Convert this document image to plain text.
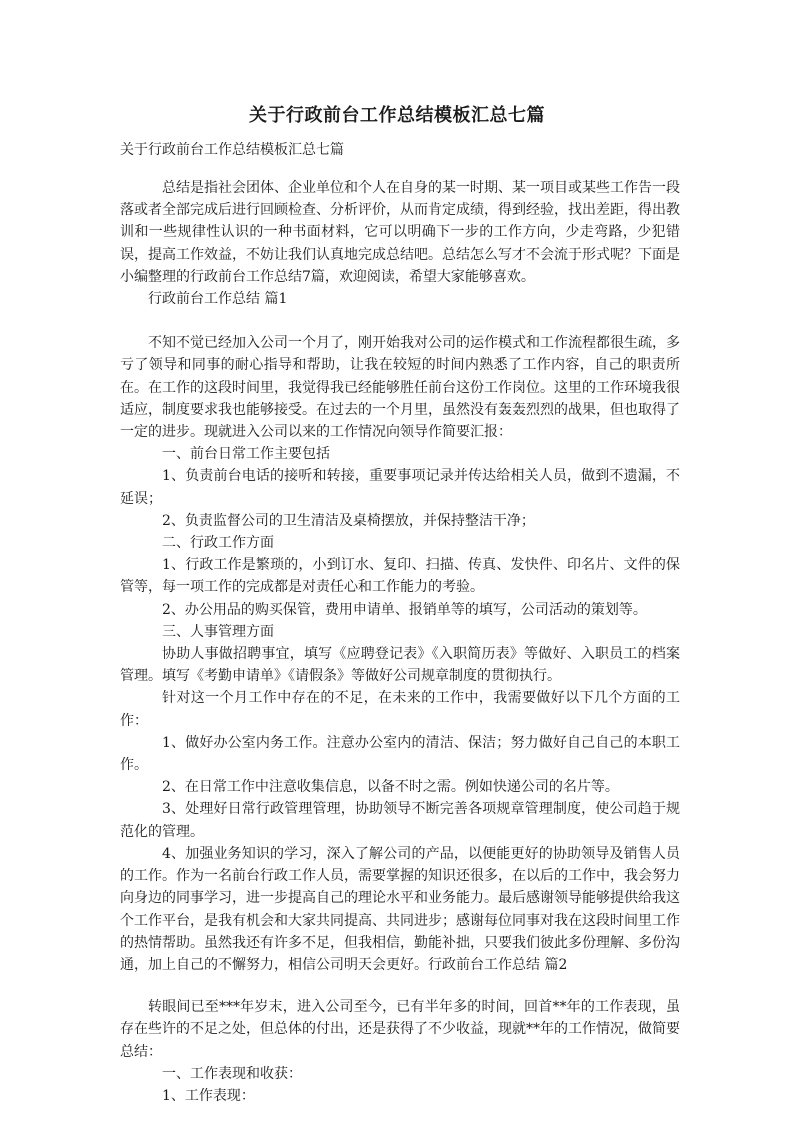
关于行政前台工作总结模板汇总七篇
关于行政前台工作总结模板汇总七篇

总结是指社会团体、企业单位和个人在自身的某一时期、某一项目或某些工作告一段落或者全部完成后进行回顾检查、分析评价，从而肯定成绩，得到经验，找出差距，得出教训和一些规律性认识的一种书面材料，它可以明确下一步的工作方向，少走弯路，少犯错误，提高工作效益，不妨让我们认真地完成总结吧。总结怎么写才不会流于形式呢？下面是小编整理的行政前台工作总结7篇，欢迎阅读，希望大家能够喜欢。

行政前台工作总结 篇1

不知不觉已经加入公司一个月了，刚开始我对公司的运作模式和工作流程都很生疏，多亏了领导和同事的耐心指导和帮助，让我在较短的时间内熟悉了工作内容，自己的职责所在。在工作的这段时间里，我觉得我已经能够胜任前台这份工作岗位。这里的工作环境我很适应，制度要求我也能够接受。在过去的一个月里，虽然没有轰轰烈烈的战果，但也取得了一定的进步。现就进入公司以来的工作情况向领导作简要汇报：

一、前台日常工作主要包括

1、负责前台电话的接听和转接，重要事项记录并传达给相关人员，做到不遗漏，不延误；

2、负责监督公司的卫生清洁及桌椅摆放，并保持整洁干净；

二、行政工作方面

1、行政工作是繁琐的，小到订水、复印、扫描、传真、发快件、印名片、文件的保管等，每一项工作的完成都是对责任心和工作能力的考验。

2、办公用品的购买保管，费用申请单、报销单等的填写，公司活动的策划等。

三、人事管理方面

协助人事做招聘事宜，填写《应聘登记表》《入职简历表》等做好、入职员工的档案管理。填写《考勤申请单》《请假条》等做好公司规章制度的贯彻执行。

针对这一个月工作中存在的不足，在未来的工作中，我需要做好以下几个方面的工作：

1、做好办公室内务工作。注意办公室内的清洁、保洁；努力做好自己自己的本职工作。

2、在日常工作中注意收集信息，以备不时之需。例如快递公司的名片等。

3、处理好日常行政管理管理，协助领导不断完善各项规章管理制度，使公司趋于规范化的管理。

4、加强业务知识的学习，深入了解公司的产品，以便能更好的协助领导及销售人员的工作。作为一名前台行政工作人员，需要掌握的知识还很多，在以后的工作中，我会努力向身边的同事学习，进一步提高自己的理论水平和业务能力。最后感谢领导能够提供给我这个工作平台，是我有机会和大家共同提高、共同进步；感谢每位同事对我在这段时间里工作的热情帮助。虽然我还有许多不足，但我相信，勤能补拙，只要我们彼此多份理解、多份沟通，加上自己的不懈努力，相信公司明天会更好。行政前台工作总结 篇2

转眼间已至***年岁末，进入公司至今，已有半年多的时间，回首**年的工作表现，虽存在些许的不足之处，但总体的付出，还是获得了不少收益，现就**年的工作情况，做简要总结：

一、工作表现和收获：

1、工作表现：
